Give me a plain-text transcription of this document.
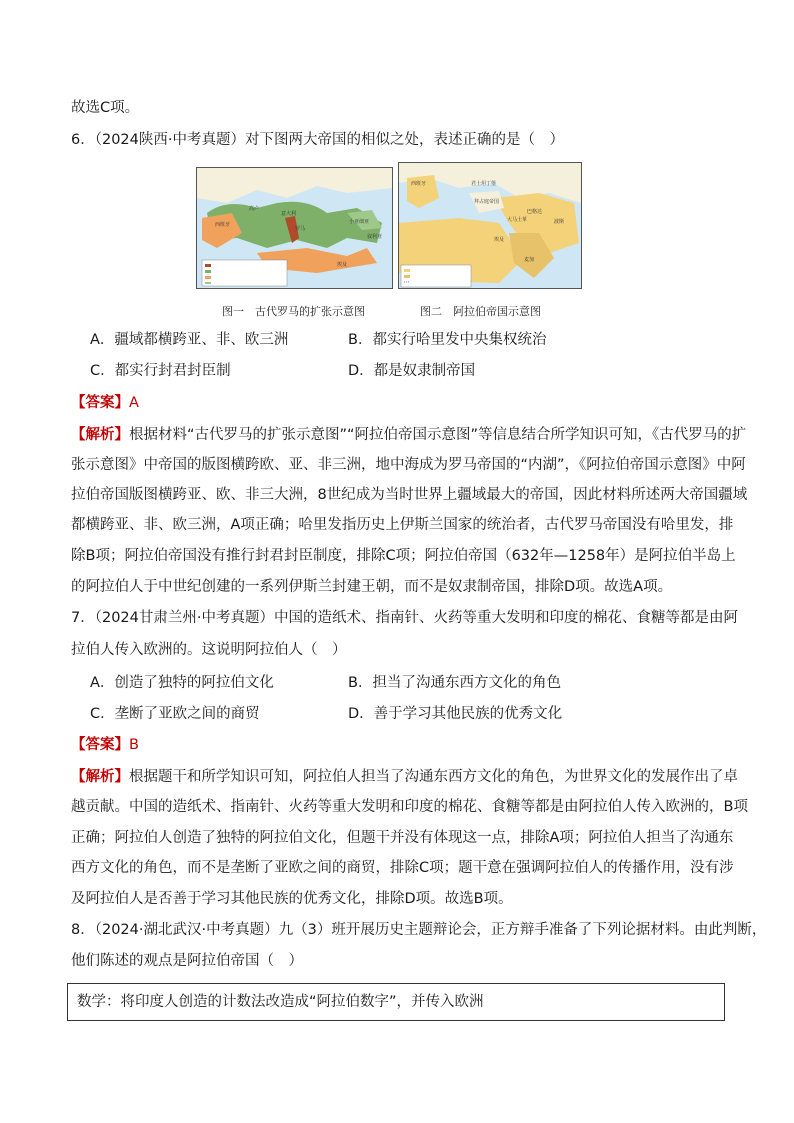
故选C项。
6．（2024陕西·中考真题）对下图两大帝国的相似之处，表述正确的是（　）
西班牙
高卢
意大利
罗马
小亚细亚
叙利亚
埃及
西班牙	君士坦丁堡
拜占庭帝国
大马士革
巴格达
波斯
麦加
埃及
图一　古代罗马的扩张示意图	图二　阿拉伯帝国示意图
A．疆域都横跨亚、非、欧三洲	B．都实行哈里发中央集权统治
C．都实行封君封臣制	D．都是奴隶制帝国
【答案】A
【解析】根据材料“古代罗马的扩张示意图”“阿拉伯帝国示意图”等信息结合所学知识可知，《古代罗马的扩
张示意图》中帝国的版图横跨欧、亚、非三洲，地中海成为罗马帝国的“内湖”，《阿拉伯帝国示意图》中阿
拉伯帝国版图横跨亚、欧、非三大洲，8世纪成为当时世界上疆域最大的帝国，因此材料所述两大帝国疆域
都横跨亚、非、欧三洲，A项正确；哈里发指历史上伊斯兰国家的统治者，古代罗马帝国没有哈里发，排
除B项；阿拉伯帝国没有推行封君封臣制度，排除C项；阿拉伯帝国（632年—1258年）是阿拉伯半岛上
的阿拉伯人于中世纪创建的一系列伊斯兰封建王朝，而不是奴隶制帝国，排除D项。故选A项。
7．（2024甘肃兰州·中考真题）中国的造纸术、指南针、火药等重大发明和印度的棉花、食糖等都是由阿
拉伯人传入欧洲的。这说明阿拉伯人（　）
A．创造了独特的阿拉伯文化	B．担当了沟通东西方文化的角色
C．垄断了亚欧之间的商贸	D．善于学习其他民族的优秀文化
【答案】B
【解析】根据题干和所学知识可知，阿拉伯人担当了沟通东西方文化的角色，为世界文化的发展作出了卓
越贡献。中国的造纸术、指南针、火药等重大发明和印度的棉花、食糖等都是由阿拉伯人传入欧洲的，B项
正确；阿拉伯人创造了独特的阿拉伯文化，但题干并没有体现这一点，排除A项；阿拉伯人担当了沟通东
西方文化的角色，而不是垄断了亚欧之间的商贸，排除C项；题干意在强调阿拉伯人的传播作用，没有涉
及阿拉伯人是否善于学习其他民族的优秀文化，排除D项。故选B项。
8．（2024·湖北武汉·中考真题）九（3）班开展历史主题辩论会，正方辩手准备了下列论据材料。由此判断，
他们陈述的观点是阿拉伯帝国（　）
数学：将印度人创造的计数法改造成“阿拉伯数字”，并传入欧洲
